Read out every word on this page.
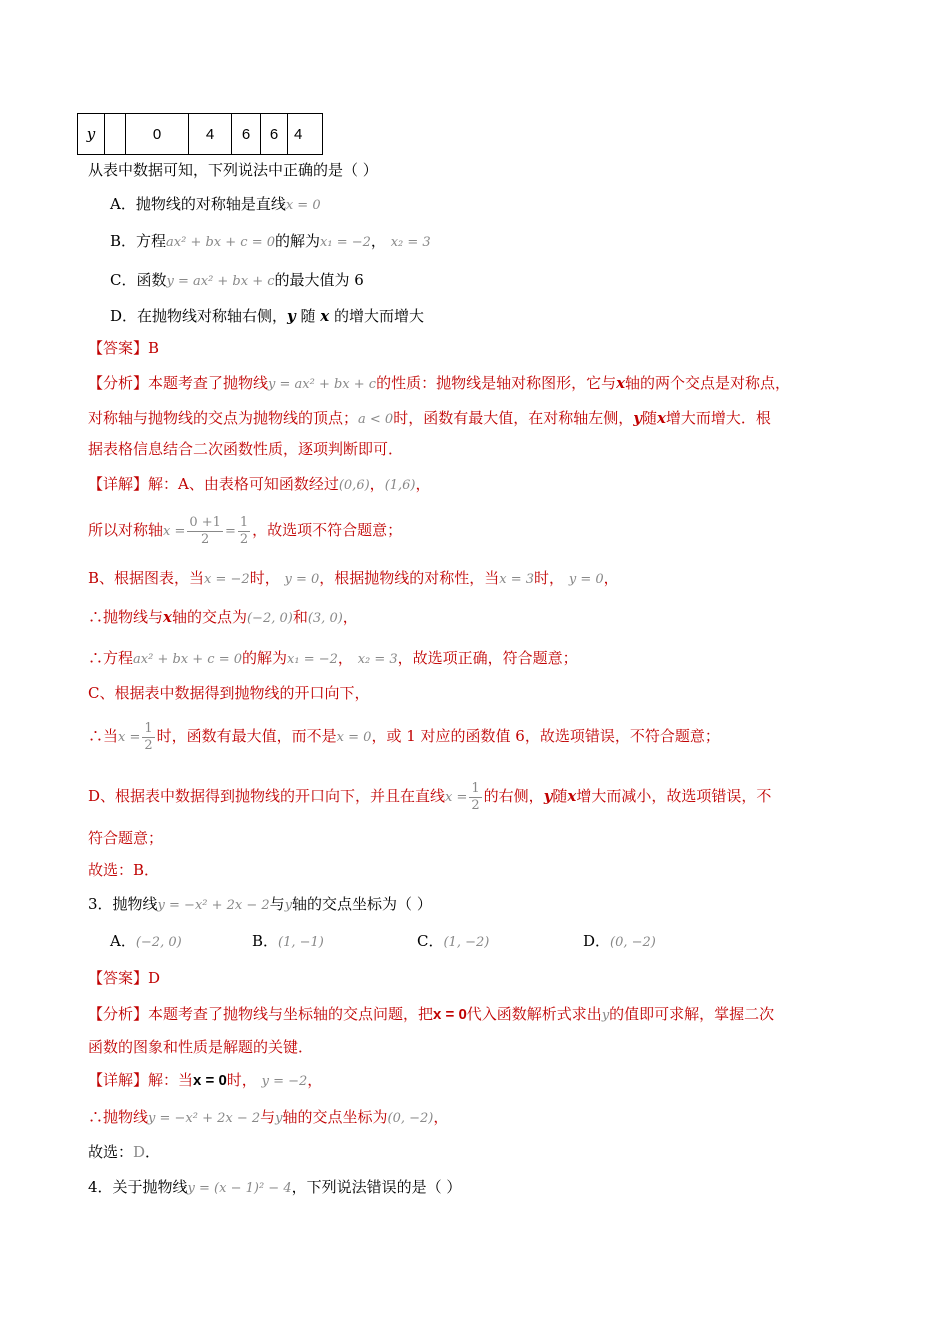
y		0	4	6	6	4
从表中数据可知，下列说法中正确的是（ ）
A．抛物线的对称轴是直线x = 0
B．方程ax² + bx + c = 0的解为x₁ = −2， x₂ = 3
C．函数y = ax² + bx + c的最大值为 6
D．在抛物线对称轴右侧，y 随 x 的增大而增大
【答案】B
【分析】本题考查了抛物线y = ax² + bx + c的性质：抛物线是轴对称图形，它与x轴的两个交点是对称点，
对称轴与抛物线的交点为抛物线的顶点；a < 0时，函数有最大值，在对称轴左侧，y随x增大而增大．根
据表格信息结合二次函数性质，逐项判断即可．
【详解】解：A、由表格可知函数经过(0,6)，(1,6)，
所以对称轴$x = \frac{0 +1}{2} = \frac{1}{2}$ ，故选项不符合题意；
B、根据图表，当x = −2时， y = 0，根据抛物线的对称性，当x = 3时， y = 0，
∴抛物线与x轴的交点为(−2, 0)和(3, 0)，
∴方程ax² + bx + c = 0的解为x₁ = −2， x₂ = 3，故选项正确，符合题意；
C、根据表中数据得到抛物线的开口向下，
∴当$x = \frac{1}{2}$ 时，函数有最大值，而不是x = 0，或 1 对应的函数值 6，故选项错误，不符合题意；
D、根据表中数据得到抛物线的开口向下，并且在直线$x = \frac{1}{2}$ 的右侧，y随x增大而减小，故选项错误，不
符合题意；
故选：B．
3．抛物线y = −x² + 2x − 2与y轴的交点坐标为（ ）
A．(−2, 0)	B．(1, −1)	C．(1, −2)	D．(0, −2)
【答案】D
【分析】本题考查了抛物线与坐标轴的交点问题，把x = 0代入函数解析式求出y的值即可求解，掌握二次
函数的图象和性质是解题的关键．
【详解】解：当x = 0时， y = −2，
∴抛物线y = −x² + 2x − 2与y轴的交点坐标为(0, −2)，
故选：D．
4．关于抛物线y = (x − 1)² − 4，下列说法错误的是（ ）
